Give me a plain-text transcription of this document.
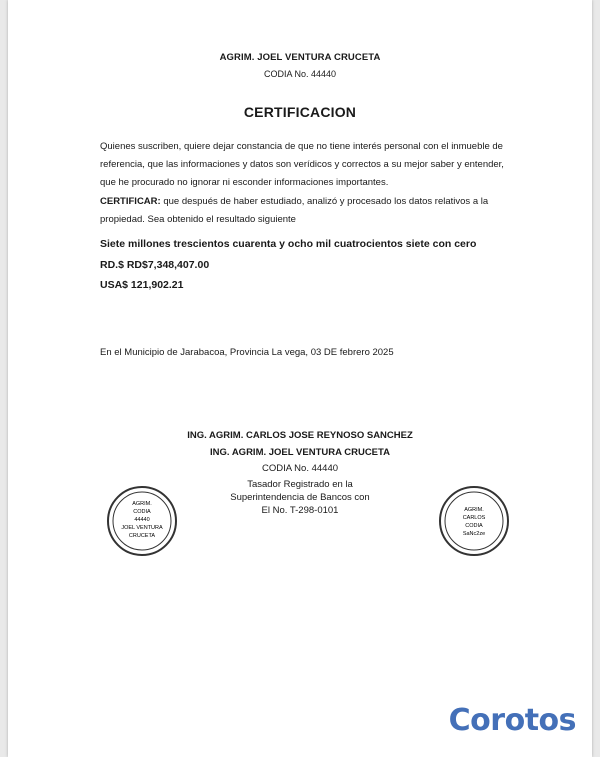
AGRIM. JOEL VENTURA CRUCETA
CODIA No. 44440
CERTIFICACION
Quienes suscriben, quiere dejar constancia de que no tiene interés personal con el inmueble de
referencia, que las informaciones y datos son verídicos y correctos a su mejor saber y entender,
que he procurado no ignorar ni esconder informaciones importantes.
CERTIFICAR: que después de haber estudiado, analizó y procesado los datos relativos a la
propiedad. Sea obtenido el resultado siguiente
Siete millones trescientos cuarenta y ocho mil cuatrocientos siete con cero
RD.$ RD$7,348,407.00
USA$ 121,902.21
En el Municipio de Jarabacoa, Provincia La vega, 03 DE febrero 2025
ING. AGRIM. CARLOS JOSE REYNOSO SANCHEZ
ING. AGRIM. JOEL VENTURA CRUCETA
CODIA No. 44440
Tasador Registrado en la
Superintendencia de Bancos con
El No. T-298-0101
AGRIM.
CODIA
44440
JOEL VENTURA
CRUCETA
AGRIM.
CARLOS
CODIA
SaNc2ze
Corotos
